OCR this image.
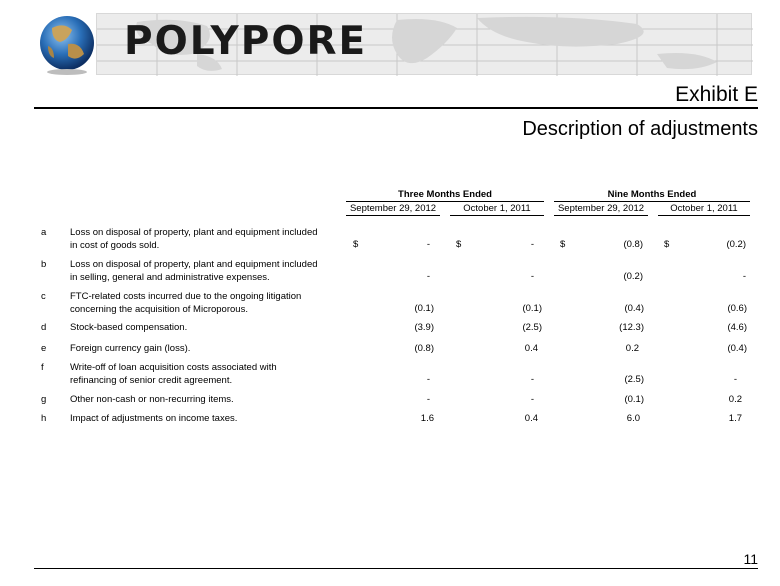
POLYPORE
Exhibit E
Description of adjustments
Three Months Ended	Nine Months Ended
September 29, 2012	October 1, 2011	September 29, 2012	October 1, 2011
a Loss on disposal of property, plant and equipment included
in cost of goods sold.	$	-	$	-	$	(0.8) $	(0.2)
b Loss on disposal of property, plant and equipment included
in selling, general and administrative expenses.	-	-	(0.2)	-
c	FTC-related costs incurred due to the ongoing litigation
concerning the acquisition of Microporous.	(0.1)	(0.1)	(0.4)	(0.6)
d Stock-based compensation.	(3.9)	(2.5)	(12.3)	(4.6)
e Foreign currency gain (loss).	(0.8)	0.4	0.2	(0.4)
f	Write-off of loan acquisition costs associated with
refinancing of senior credit agreement.	-	-	(2.5)	-
g Other non-cash or non-recurring items.	-	-	(0.1)	0.2
h Impact of adjustments on income taxes.	1.6	0.4	6.0	1.7
11
